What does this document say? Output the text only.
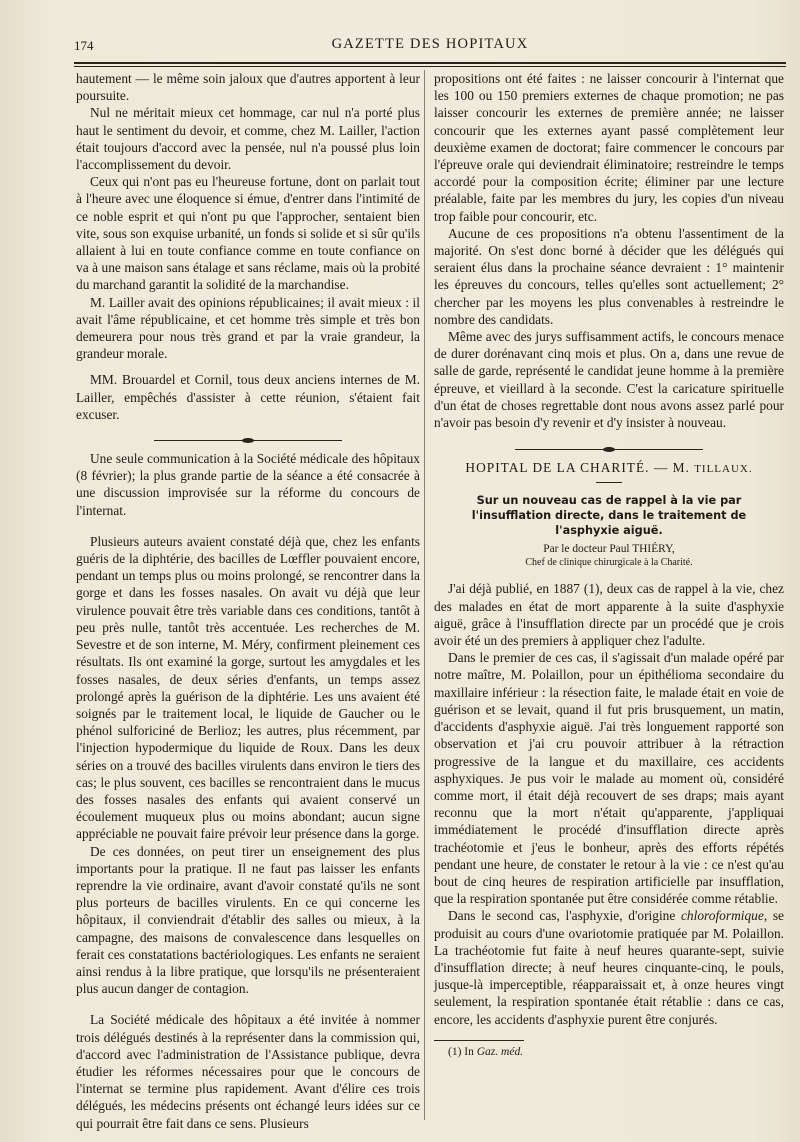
174	GAZETTE DES HOPITAUX

hautement — le même soin jaloux que d'autres apportent à leur poursuite.

Nul ne méritait mieux cet hommage, car nul n'a porté plus haut le sentiment du devoir, et comme, chez M. Lailler, l'action était toujours d'accord avec la pensée, nul n'a poussé plus loin l'accomplissement du devoir.

Ceux qui n'ont pas eu l'heureuse fortune, dont on parlait tout à l'heure avec une éloquence si émue, d'entrer dans l'intimité de ce noble esprit et qui n'ont pu que l'approcher, sentaient bien vite, sous son exquise urbanité, un fonds si solide et si sûr qu'ils allaient à lui en toute confiance comme en toute confiance on va à une maison sans étalage et sans réclame, mais où la probité du marchand garantit la solidité de la marchandise.

M. Lailler avait des opinions républicaines; il avait mieux : il avait l'âme républicaine, et cet homme très simple et très bon demeurera pour nous très grand et par la vraie grandeur, la grandeur morale.

MM. Brouardel et Cornil, tous deux anciens internes de M. Lailler, empêchés d'assister à cette réunion, s'étaient fait excuser.

Une seule communication à la Société médicale des hôpitaux (8 février); la plus grande partie de la séance a été consacrée à une discussion improvisée sur la réforme du concours de l'internat.

Plusieurs auteurs avaient constaté déjà que, chez les enfants guéris de la diphtérie, des bacilles de Lœffler pouvaient encore, pendant un temps plus ou moins prolongé, se rencontrer dans la gorge et dans les fosses nasales. On avait vu déjà que leur virulence pouvait être très variable dans ces conditions, tantôt à peu près nulle, tantôt très accentuée. Les recherches de M. Sevestre et de son interne, M. Méry, confirment pleinement ces résultats. Ils ont examiné la gorge, surtout les amygdales et les fosses nasales, de deux séries d'enfants, un temps assez prolongé après la guérison de la diphtérie. Les uns avaient été soignés par le traitement local, le liquide de Gaucher ou le phénol sulforiciné de Berlioz; les autres, plus récemment, par l'injection hypodermique du liquide de Roux. Dans les deux séries on a trouvé des bacilles virulents dans environ le tiers des cas; le plus souvent, ces bacilles se rencontraient dans le mucus des fosses nasales des enfants qui avaient conservé un écoulement muqueux plus ou moins abondant; aucun signe appréciable ne pouvait faire prévoir leur présence dans la gorge.

De ces données, on peut tirer un enseignement des plus importants pour la pratique. Il ne faut pas laisser les enfants reprendre la vie ordinaire, avant d'avoir constaté qu'ils ne sont plus porteurs de bacilles virulents. En ce qui concerne les hôpitaux, il conviendrait d'établir des salles ou mieux, à la campagne, des maisons de convalescence dans lesquelles on ferait ces constatations bactériologiques. Les enfants ne seraient ainsi rendus à la libre pratique, que lorsqu'ils ne présenteraient plus aucun danger de contagion.

La Société médicale des hôpitaux a été invitée à nommer trois délégués destinés à la représenter dans la commission qui, d'accord avec l'administration de l'Assistance publique, devra étudier les réformes nécessaires pour que le concours de l'internat se termine plus rapidement. Avant d'élire ces trois délégués, les médecins présents ont échangé leurs idées sur ce qui pourrait être fait dans ce sens. Plusieurs

propositions ont été faites : ne laisser concourir à l'internat que les 100 ou 150 premiers externes de chaque promotion; ne pas laisser concourir les externes de première année; ne laisser concourir que les externes ayant passé complètement leur deuxième examen de doctorat; faire commencer le concours par l'épreuve orale qui deviendrait éliminatoire; restreindre le temps accordé pour la composition écrite; éliminer par une lecture préalable, faite par les membres du jury, les copies d'un niveau trop faible pour concourir, etc.

Aucune de ces propositions n'a obtenu l'assentiment de la majorité. On s'est donc borné à décider que les délégués qui seraient élus dans la prochaine séance devraient : 1° maintenir les épreuves du concours, telles qu'elles sont actuellement; 2° chercher par les moyens les plus convenables à restreindre le nombre des candidats.

Même avec des jurys suffisamment actifs, le concours menace de durer dorénavant cinq mois et plus. On a, dans une revue de salle de garde, représenté le candidat jeune homme à la première épreuve, et vieillard à la seconde. C'est la caricature spirituelle d'un état de choses regrettable dont nous avons assez parlé pour n'avoir pas besoin d'y revenir et d'y insister à nouveau.

HOPITAL DE LA CHARITÉ. — M. TILLAUX.
Sur un nouveau cas de rappel à la vie par l'insufflation directe, dans le traitement de l'asphyxie aiguë.
Par le docteur Paul THIÉRY,
Chef de clinique chirurgicale à la Charité.

J'ai déjà publié, en 1887 (1), deux cas de rappel à la vie, chez des malades en état de mort apparente à la suite d'asphyxie aiguë, grâce à l'insufflation directe par un procédé que je crois avoir été un des premiers à appliquer chez l'adulte.

Dans le premier de ces cas, il s'agissait d'un malade opéré par notre maître, M. Polaillon, pour un épithélioma secondaire du maxillaire inférieur : la résection faite, le malade était en voie de guérison et se levait, quand il fut pris brusquement, un matin, d'accidents d'asphyxie aiguë. J'ai très longuement rapporté son observation et j'ai cru pouvoir attribuer à la rétraction progressive de la langue et du maxillaire, ces accidents asphyxiques. Je pus voir le malade au moment où, considéré comme mort, il était déjà recouvert de ses draps; mais ayant reconnu que la mort n'était qu'apparente, j'appliquai immédiatement le procédé d'insufflation directe après trachéotomie et j'eus le bonheur, après des efforts répétés pendant une heure, de constater le retour à la vie : ce n'est qu'au bout de cinq heures de respiration artificielle par insufflation, que la respiration spontanée put être considérée comme rétablie.

Dans le second cas, l'asphyxie, d'origine chloroformique, se produisit au cours d'une ovariotomie pratiquée par M. Polaillon. La trachéotomie fut faite à neuf heures quarante-sept, suivie d'insufflation directe; à neuf heures cinquante-cinq, le pouls, jusque-là imperceptible, réapparaissait et, à onze heures vingt seulement, la respiration spontanée était rétablie : dans ce cas, encore, les accidents d'asphyxie purent être conjurés.

(1) In Gaz. méd.
